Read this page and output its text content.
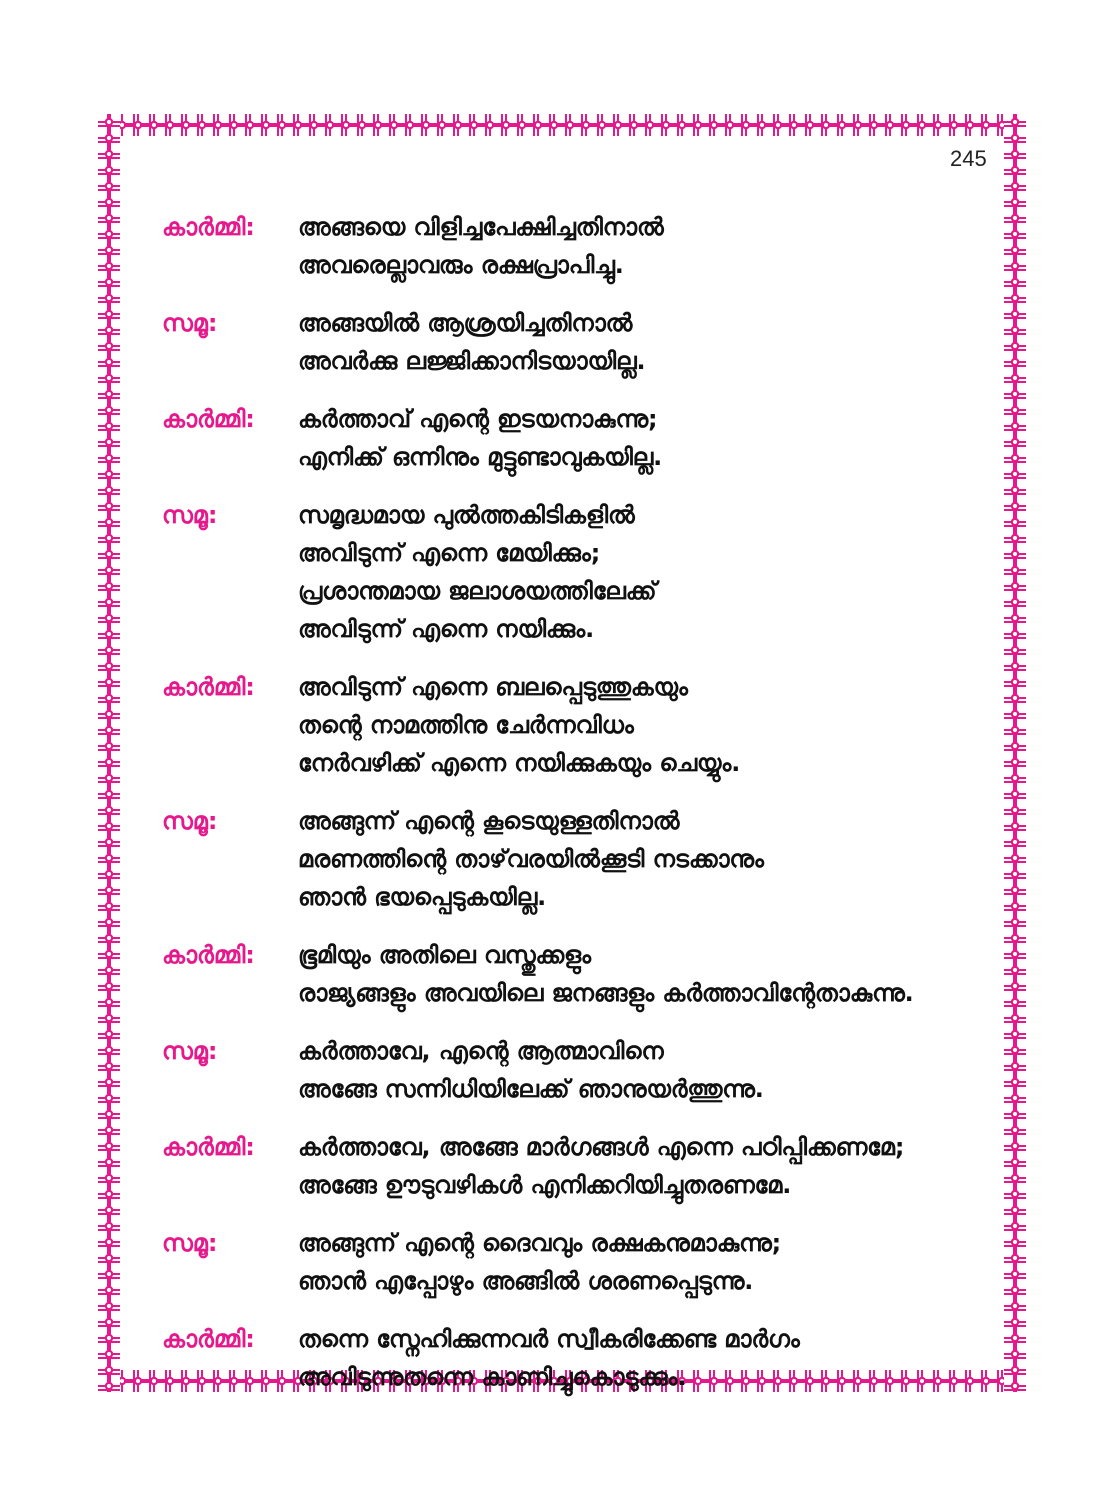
245
കാർമ്മി:	അങ്ങയെ വിളിച്ചപേക്ഷിച്ചതിനാൽ
അവരെല്ലാവരും രക്ഷപ്രാപിച്ചു.
സമൂ:	അങ്ങയിൽ ആശ്രയിച്ചതിനാൽ
അവർക്കു ലജ്ജിക്കാനിടയായില്ല.
കാർമ്മി:	കർത്താവ് എന്റെ ഇടയനാകുന്നു;
എനിക്ക് ഒന്നിനും മുട്ടുണ്ടാവുകയില്ല.
സമൂ:	സമൃദ്ധമായ പുൽത്തകിടികളിൽ
അവിടുന്ന് എന്നെ മേയിക്കും;
പ്രശാന്തമായ ജലാശയത്തിലേക്ക്
അവിടുന്ന് എന്നെ നയിക്കും.
കാർമ്മി:	അവിടുന്ന് എന്നെ ബലപ്പെടുത്തുകയും
തന്റെ നാമത്തിനു ചേർന്നവിധം
നേർവഴിക്ക് എന്നെ നയിക്കുകയും ചെയ്യും.
സമൂ:	അങ്ങുന്ന് എന്റെ കൂടെയുള്ളതിനാൽ
മരണത്തിന്റെ താഴ്‌വരയിൽക്കൂടി നടക്കാനും
ഞാൻ ഭയപ്പെടുകയില്ല.
കാർമ്മി:	ഭൂമിയും അതിലെ വസ്തുക്കളും
രാജ്യങ്ങളും അവയിലെ ജനങ്ങളും കർത്താവിന്റേതാകുന്നു.
സമൂ:	കർത്താവേ, എന്റെ ആത്മാവിനെ
അങ്ങേ സന്നിധിയിലേക്ക് ഞാനുയർത്തുന്നു.
കാർമ്മി:	കർത്താവേ, അങ്ങേ മാർഗങ്ങൾ എന്നെ പഠിപ്പിക്കണമേ;
അങ്ങേ ഊടുവഴികൾ എനിക്കറിയിച്ചുതരണമേ.
സമൂ:	അങ്ങുന്ന് എന്റെ ദൈവവും രക്ഷകനുമാകുന്നു;
ഞാൻ എപ്പോഴും അങ്ങിൽ ശരണപ്പെടുന്നു.
കാർമ്മി:	തന്നെ സ്നേഹിക്കുന്നവർ സ്വീകരിക്കേണ്ട മാർഗം
അവിടുന്നുതന്നെ കാണിച്ചുകൊടുക്കും.
